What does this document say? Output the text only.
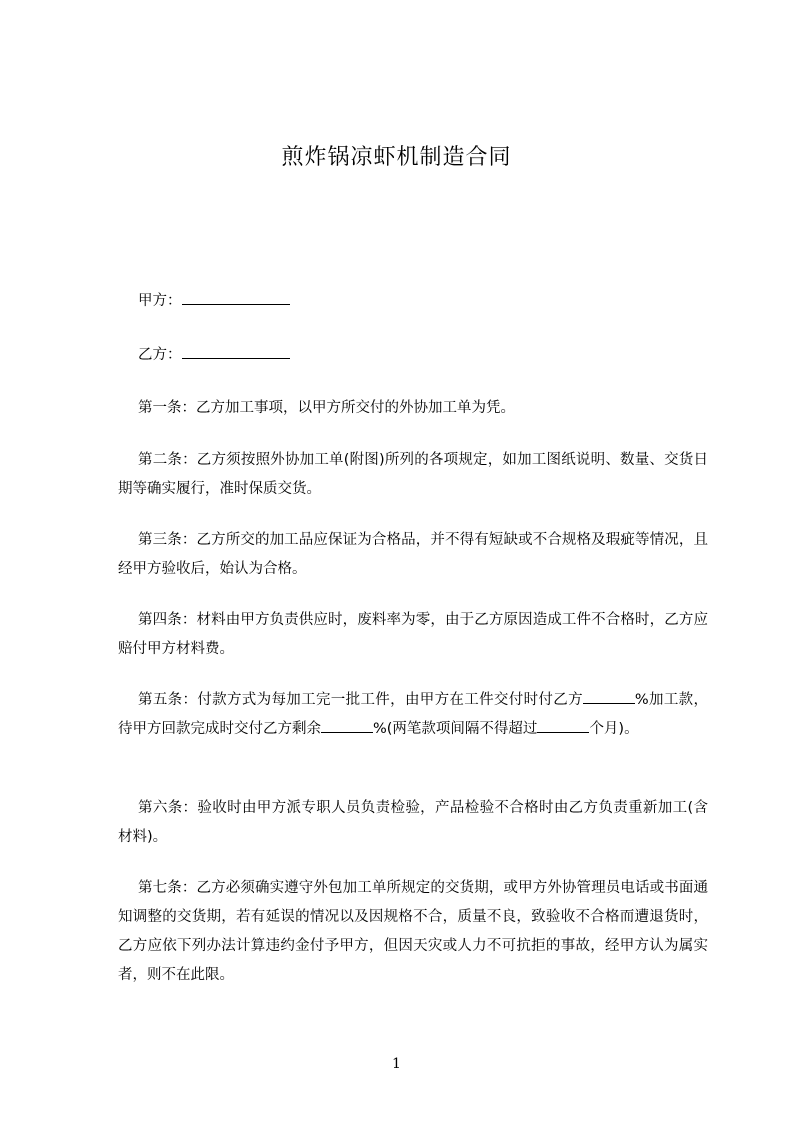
煎炸锅凉虾机制造合同
甲方：
乙方：
第一条：乙方加工事项，以甲方所交付的外协加工单为凭。
第二条：乙方须按照外协加工单(附图)所列的各项规定，如加工图纸说明、数量、交货日期等确实履行，准时保质交货。
第三条：乙方所交的加工品应保证为合格品，并不得有短缺或不合规格及瑕疵等情况，且经甲方验收后，始认为合格。
第四条：材料由甲方负责供应时，废料率为零，由于乙方原因造成工件不合格时，乙方应赔付甲方材料费。
第五条：付款方式为每加工完一批工件，由甲方在工件交付时付乙方	%加工款，待甲方回款完成时交付乙方剩余	%(两笔款项间隔不得超过	个月)。
第六条：验收时由甲方派专职人员负责检验，产品检验不合格时由乙方负责重新加工(含材料)。
第七条：乙方必须确实遵守外包加工单所规定的交货期，或甲方外协管理员电话或书面通知调整的交货期，若有延误的情况以及因规格不合，质量不良，致验收不合格而遭退货时，乙方应依下列办法计算违约金付予甲方，但因天灾或人力不可抗拒的事故，经甲方认为属实者，则不在此限。
1
